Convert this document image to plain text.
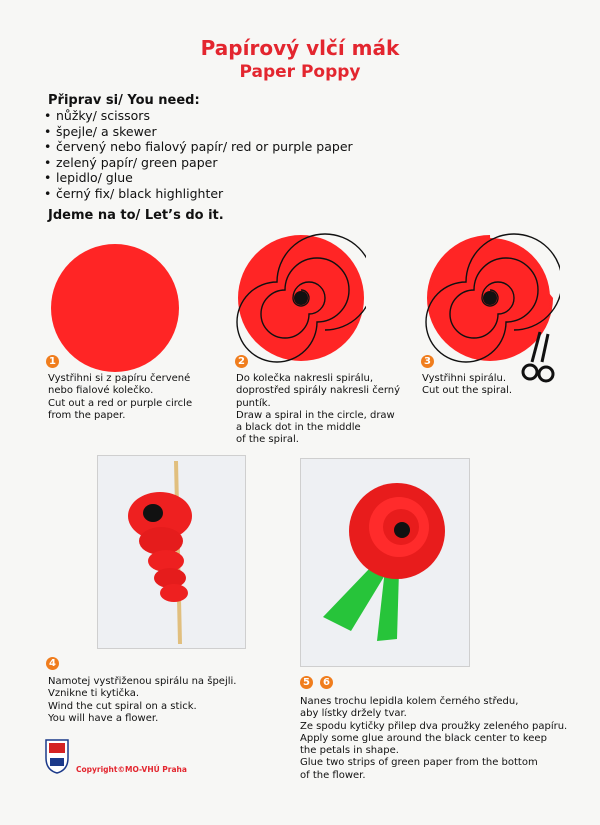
Papírový vlčí mák
Paper Poppy
Připrav si/ You need:
• nůžky/ scissors
• špejle/ a skewer
• červený nebo fialový papír/ red or purple paper
• zelený papír/ green paper
• lepidlo/ glue
• černý fix/ black highlighter
Jdeme na to/ Let’s do it.
1	2	3
Vystřihni si z papíru červené
nebo fialové kolečko.
Cut out a red or purple circle
from the paper.
Do kolečka nakresli spirálu,
doprostřed spirály nakresli černý
puntík.
Draw a spiral in the circle, draw
a black dot in the middle
of the spiral.
Vystřihni spirálu.
Cut out the spiral.
4
Namotej vystřiženou spirálu na špejli.
Vznikne ti kytička.
Wind the cut spiral on a stick.
You will have a flower.
5	6
Nanes trochu lepidla kolem černého středu,
aby lístky držely tvar.
Ze spodu kytičky přilep dva proužky zeleného papíru.
Apply some glue around the black center to keep
the petals in shape.
Glue two strips of green paper from the bottom
of the flower.
Copyright©MO-VHÚ Praha
